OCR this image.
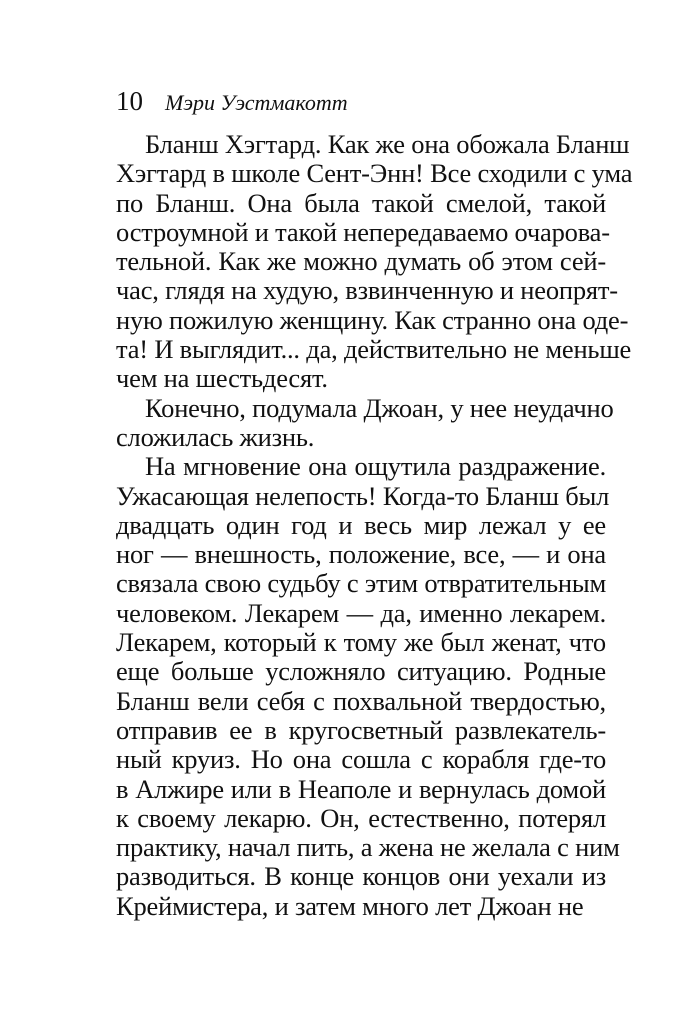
10 Мэри Уэстмакотт

Бланш Хэгтард. Как же она обожала Бланш
Хэгтард в школе Сент-Энн! Все сходили с ума
по Бланш. Она была такой смелой, такой
остроумной и такой непередаваемо очарова-
тельной. Как же можно думать об этом сей-
час, глядя на худую, взвинченную и неопрят-
ную пожилую женщину. Как странно она оде-
та! И выглядит... да, действительно не меньше
чем на шестьдесят.

Конечно, подумала Джоан, у нее неудачно
сложилась жизнь.

На мгновение она ощутила раздражение.
Ужасающая нелепость! Когда-то Бланш был
двадцать один год и весь мир лежал у ее
ног — внешность, положение, все, — и она
связала свою судьбу с этим отвратительным
человеком. Лекарем — да, именно лекарем.
Лекарем, который к тому же был женат, что
еще больше усложняло ситуацию. Родные
Бланш вели себя с похвальной твердостью,
отправив ее в кругосветный развлекатель-
ный круиз. Но она сошла с корабля где-то
в Алжире или в Неаполе и вернулась домой
к своему лекарю. Он, естественно, потерял
практику, начал пить, а жена не желала с ним
разводиться. В конце концов они уехали из
Креймистера, и затем много лет Джоан не
